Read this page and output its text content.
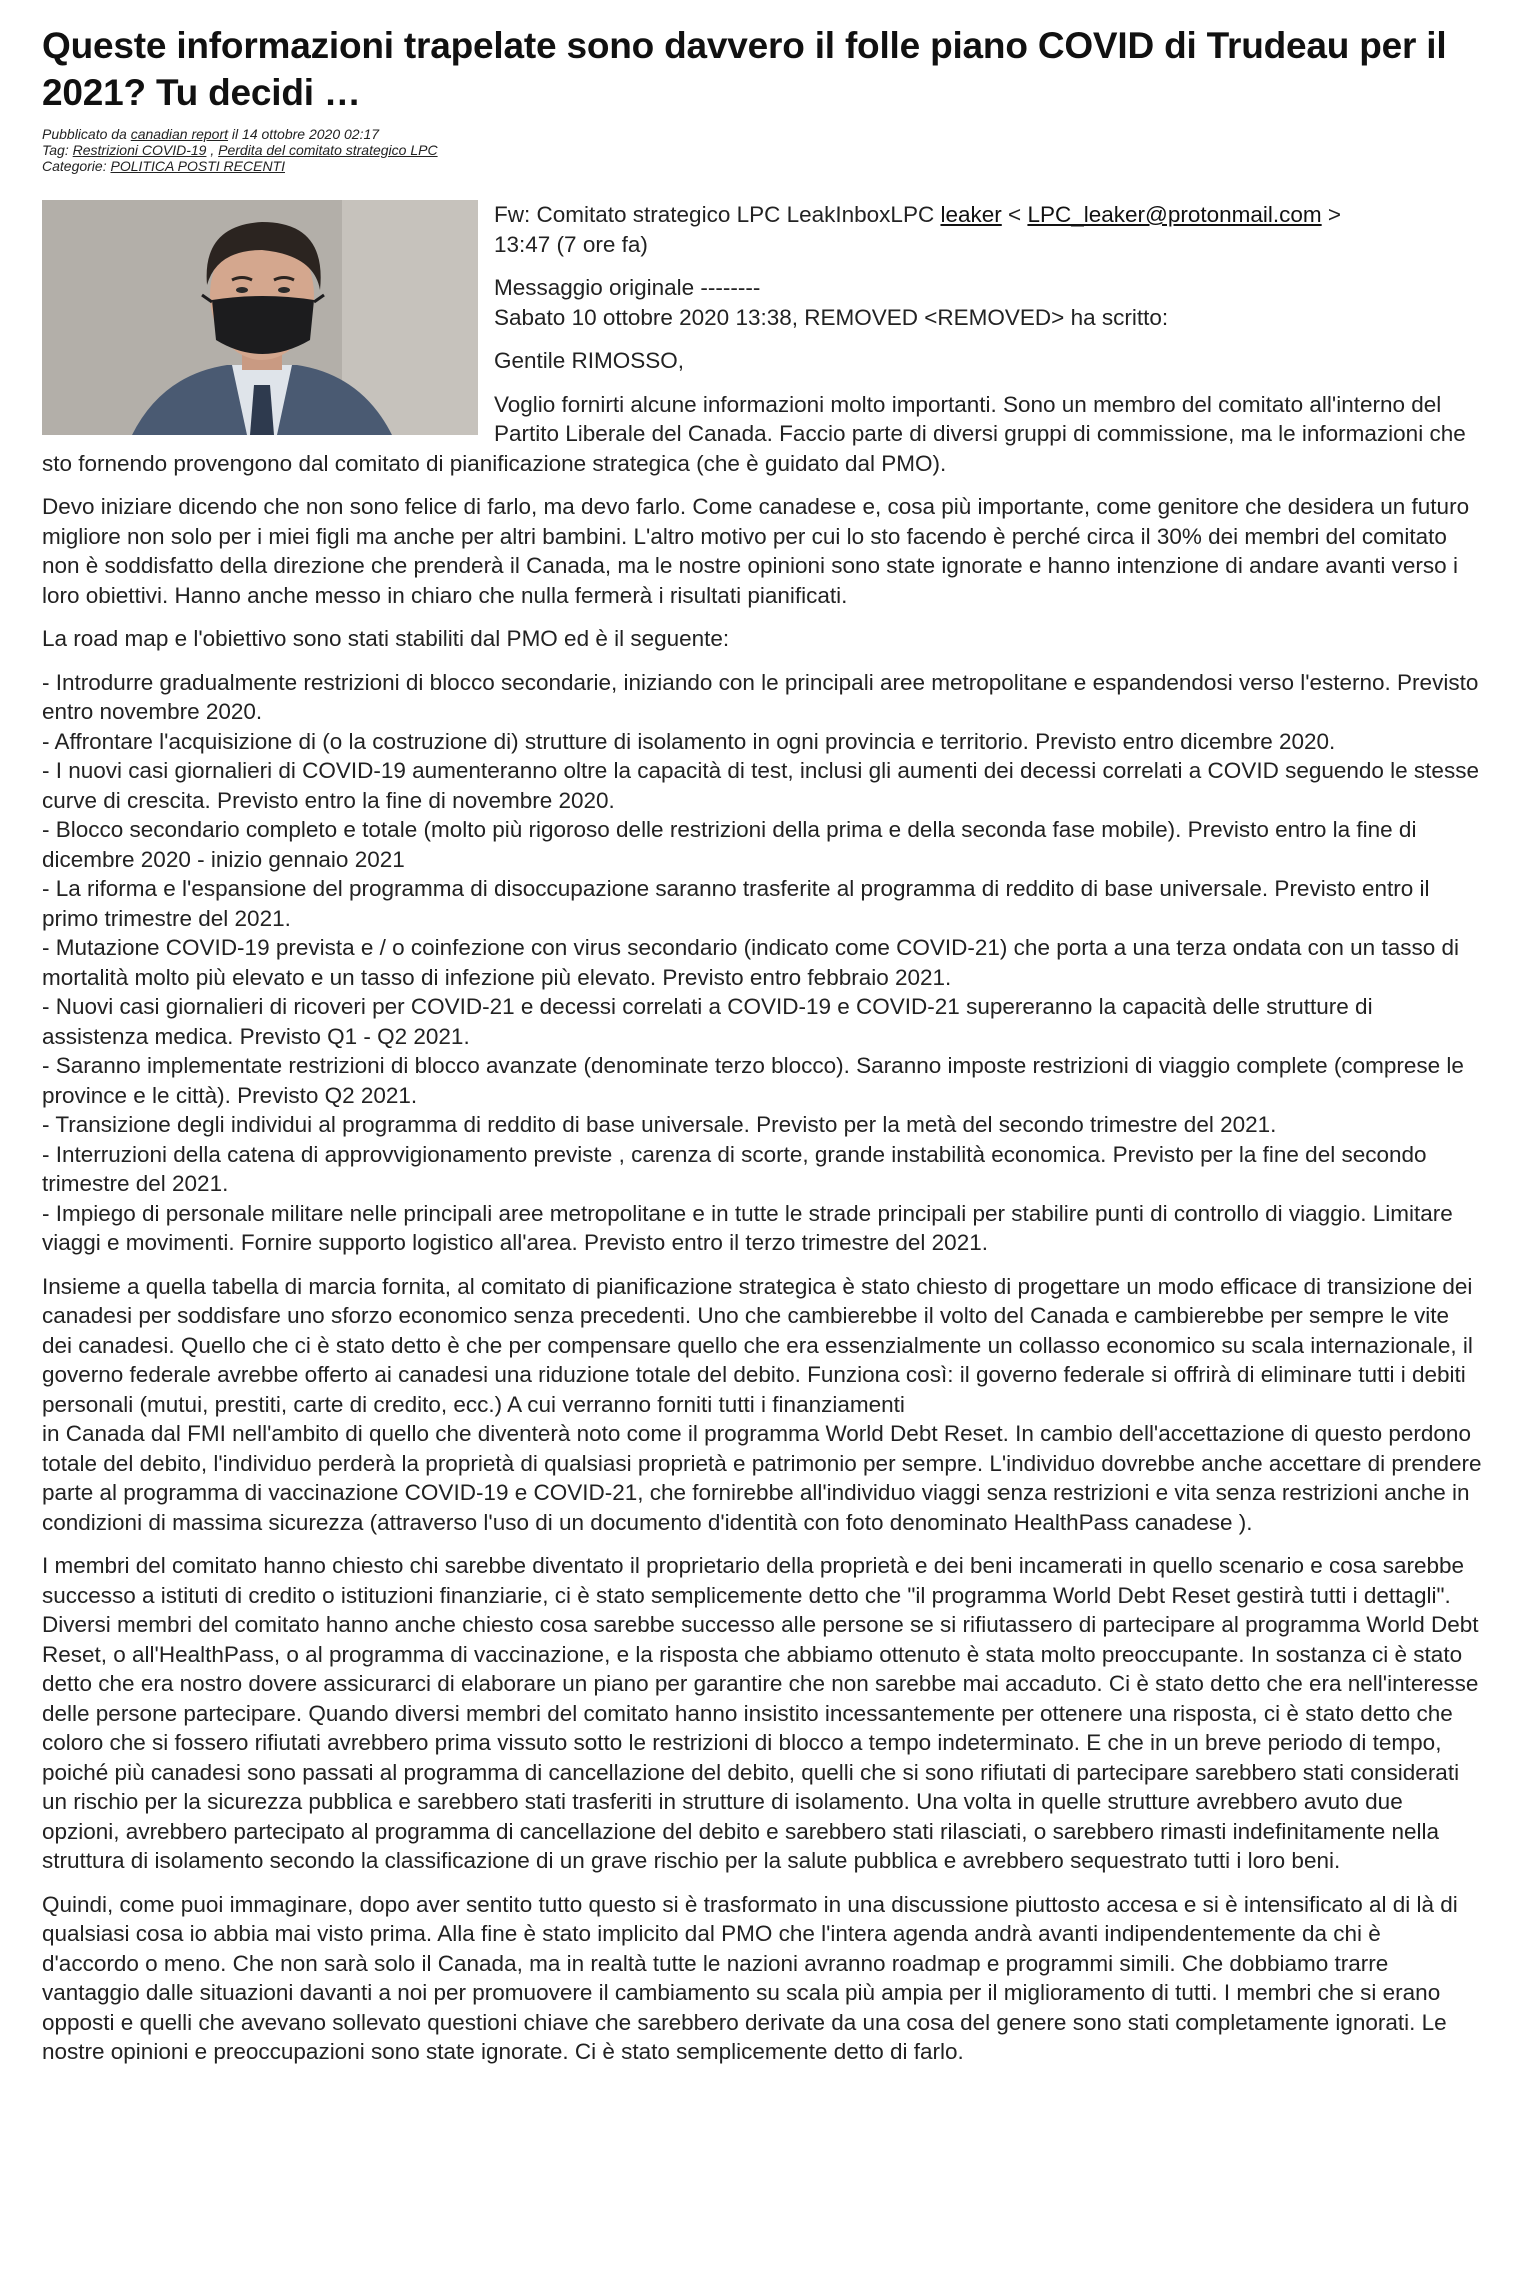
Queste informazioni trapelate sono davvero il folle piano COVID di Trudeau per il 2021? Tu decidi …
Pubblicato da canadian report il 14 ottobre 2020 02:17
Tag: Restrizioni COVID-19 , Perdita del comitato strategico LPC
Categorie: POLITICA POSTI RECENTI

Fw: Comitato strategico LPC LeakInboxLPC leaker < LPC_leaker@protonmail.com >
13:47 (7 ore fa)

Messaggio originale --------
Sabato 10 ottobre 2020 13:38, REMOVED <REMOVED> ha scritto:

Gentile RIMOSSO,

Voglio fornirti alcune informazioni molto importanti. Sono un membro del comitato all'interno del Partito Liberale del Canada. Faccio parte di diversi gruppi di commissione, ma le informazioni che sto fornendo provengono dal comitato di pianificazione strategica (che è guidato dal PMO).

Devo iniziare dicendo che non sono felice di farlo, ma devo farlo. Come canadese e, cosa più importante, come genitore che desidera un futuro migliore non solo per i miei figli ma anche per altri bambini. L'altro motivo per cui lo sto facendo è perché circa il 30% dei membri del comitato non è soddisfatto della direzione che prenderà il Canada, ma le nostre opinioni sono state ignorate e hanno intenzione di andare avanti verso i loro obiettivi. Hanno anche messo in chiaro che nulla fermerà i risultati pianificati.

La road map e l'obiettivo sono stati stabiliti dal PMO ed è il seguente:

- Introdurre gradualmente restrizioni di blocco secondarie, iniziando con le principali aree metropolitane e espandendosi verso l'esterno. Previsto entro novembre 2020.
- Affrontare l'acquisizione di (o la costruzione di) strutture di isolamento in ogni provincia e territorio. Previsto entro dicembre 2020.
- I nuovi casi giornalieri di COVID-19 aumenteranno oltre la capacità di test, inclusi gli aumenti dei decessi correlati a COVID seguendo le stesse curve di crescita. Previsto entro la fine di novembre 2020.
- Blocco secondario completo e totale (molto più rigoroso delle restrizioni della prima e della seconda fase mobile). Previsto entro la fine di dicembre 2020 - inizio gennaio 2021
- La riforma e l'espansione del programma di disoccupazione saranno trasferite al programma di reddito di base universale. Previsto entro il primo trimestre del 2021.
- Mutazione COVID-19 prevista e / o coinfezione con virus secondario (indicato come COVID-21) che porta a una terza ondata con un tasso di mortalità molto più elevato e un tasso di infezione più elevato. Previsto entro febbraio 2021.
- Nuovi casi giornalieri di ricoveri per COVID-21 e decessi correlati a COVID-19 e COVID-21 supereranno la capacità delle strutture di assistenza medica. Previsto Q1 - Q2 2021.
- Saranno implementate restrizioni di blocco avanzate (denominate terzo blocco). Saranno imposte restrizioni di viaggio complete (comprese le province e le città). Previsto Q2 2021.
- Transizione degli individui al programma di reddito di base universale. Previsto per la metà del secondo trimestre del 2021.
- Interruzioni della catena di approvvigionamento previste , carenza di scorte, grande instabilità economica. Previsto per la fine del secondo trimestre del 2021.
- Impiego di personale militare nelle principali aree metropolitane e in tutte le strade principali per stabilire punti di controllo di viaggio. Limitare viaggi e movimenti. Fornire supporto logistico all'area. Previsto entro il terzo trimestre del 2021.

Insieme a quella tabella di marcia fornita, al comitato di pianificazione strategica è stato chiesto di progettare un modo efficace di transizione dei canadesi per soddisfare uno sforzo economico senza precedenti. Uno che cambierebbe il volto del Canada e cambierebbe per sempre le vite dei canadesi. Quello che ci è stato detto è che per compensare quello che era essenzialmente un collasso economico su scala internazionale, il governo federale avrebbe offerto ai canadesi una riduzione totale del debito. Funziona così: il governo federale si offrirà di eliminare tutti i debiti personali (mutui, prestiti, carte di credito, ecc.) A cui verranno forniti tutti i finanziamenti
in Canada dal FMI nell'ambito di quello che diventerà noto come il programma World Debt Reset. In cambio dell'accettazione di questo perdono totale del debito, l'individuo perderà la proprietà di qualsiasi proprietà e patrimonio per sempre. L'individuo dovrebbe anche accettare di prendere parte al programma di vaccinazione COVID-19 e COVID-21, che fornirebbe all'individuo viaggi senza restrizioni e vita senza restrizioni anche in condizioni di massima sicurezza (attraverso l'uso di un documento d'identità con foto denominato HealthPass canadese ).

I membri del comitato hanno chiesto chi sarebbe diventato il proprietario della proprietà e dei beni incamerati in quello scenario e cosa sarebbe successo a istituti di credito o istituzioni finanziarie, ci è stato semplicemente detto che "il programma World Debt Reset gestirà tutti i dettagli". Diversi membri del comitato hanno anche chiesto cosa sarebbe successo alle persone se si rifiutassero di partecipare al programma World Debt Reset, o all'HealthPass, o al programma di vaccinazione, e la risposta che abbiamo ottenuto è stata molto preoccupante. In sostanza ci è stato detto che era nostro dovere assicurarci di elaborare un piano per garantire che non sarebbe mai accaduto. Ci è stato detto che era nell'interesse delle persone partecipare. Quando diversi membri del comitato hanno insistito incessantemente per ottenere una risposta, ci è stato detto che coloro che si fossero rifiutati avrebbero prima vissuto sotto le restrizioni di blocco a tempo indeterminato. E che in un breve periodo di tempo, poiché più canadesi sono passati al programma di cancellazione del debito, quelli che si sono rifiutati di partecipare sarebbero stati considerati un rischio per la sicurezza pubblica e sarebbero stati trasferiti in strutture di isolamento. Una volta in quelle strutture avrebbero avuto due opzioni, avrebbero partecipato al programma di cancellazione del debito e sarebbero stati rilasciati, o sarebbero rimasti indefinitamente nella struttura di isolamento secondo la classificazione di un grave rischio per la salute pubblica e avrebbero sequestrato tutti i loro beni.

Quindi, come puoi immaginare, dopo aver sentito tutto questo si è trasformato in una discussione piuttosto accesa e si è intensificato al di là di qualsiasi cosa io abbia mai visto prima. Alla fine è stato implicito dal PMO che l'intera agenda andrà avanti indipendentemente da chi è d'accordo o meno. Che non sarà solo il Canada, ma in realtà tutte le nazioni avranno roadmap e programmi simili. Che dobbiamo trarre vantaggio dalle situazioni davanti a noi per promuovere il cambiamento su scala più ampia per il miglioramento di tutti. I membri che si erano opposti e quelli che avevano sollevato questioni chiave che sarebbero derivate da una cosa del genere sono stati completamente ignorati. Le nostre opinioni e preoccupazioni sono state ignorate. Ci è stato semplicemente detto di farlo.
